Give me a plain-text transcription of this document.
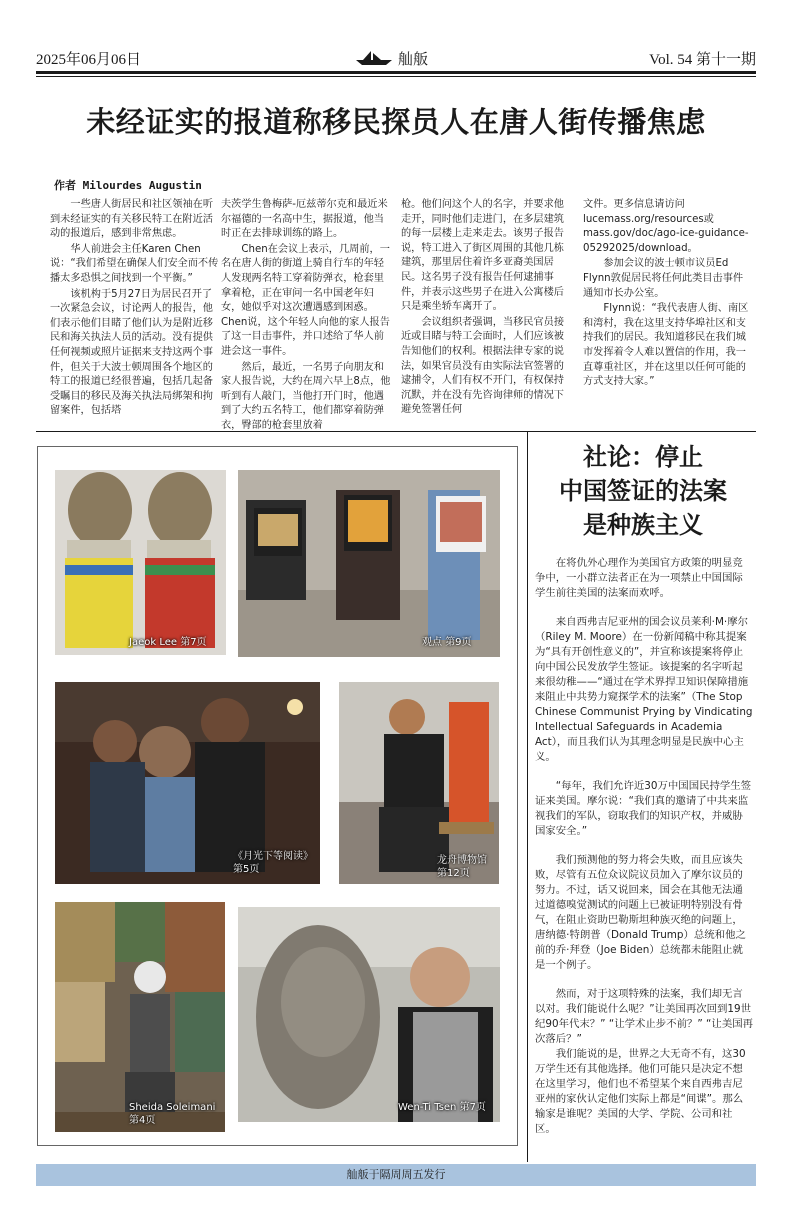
2025年06月06日	舢舨	Vol. 54 第十一期
未经证实的报道称移民探员人在唐人街传播焦虑
作者 Milourdes Augustin

一些唐人街居民和社区领袖在听到未经证实的有关移民特工在附近活动的报道后，感到非常焦虑。

华人前进会主任Karen Chen说：“我们希望在确保人们安全而不传播太多恐惧之间找到一个平衡。”

该机构于5月27日为居民召开了一次紧急会议，讨论两人的报告，他们表示他们目睹了他们认为是附近移民和海关执法人员的活动。没有提供任何视频或照片证据来支持这两个事件，但关于大波士顿周围各个地区的特工的报道已经很普遍，包括几起备受瞩目的移民及海关执法局绑架和拘留案件，包括塔

夫茨学生鲁梅萨-厄兹蒂尔克和最近米尔福德的一名高中生，据报道，他当时正在去排球训练的路上。

Chen在会议上表示，几周前，一名在唐人街的街道上骑自行车的年轻人发现两名特工穿着防弹衣，枪套里拿着枪，正在审问一名中国老年妇女，她似乎对这次遭遇感到困惑。Chen说，这个年轻人向他的家人报告了这一目击事件，并口述给了华人前进会这一事件。

然后，最近，一名男子向朋友和家人报告说，大约在周六早上8点，他听到有人敲门，当他打开门时，他遇到了大约五名特工，他们都穿着防弹衣，臀部的枪套里放着

枪。他们问这个人的名字，并要求他走开，同时他们走进门，在多层建筑的每一层楼上走来走去。该男子报告说，特工进入了街区周围的其他几栋建筑，那里居住着许多亚裔美国居民。这名男子没有报告任何逮捕事件，并表示这些男子在进入公寓楼后只是乘坐轿车离开了。

会议组织者强调，当移民官员接近或目睹与特工会面时，人们应该被告知他们的权利。根据法律专家的说法，如果官员没有由实际法官签署的逮捕令，人们有权不开门，有权保持沉默，并在没有先咨询律师的情况下避免签署任何

文件。更多信息请访问lucemass.org/resources或mass.gov/doc/ago-ice-guidance-05292025/download。

参加会议的波士顿市议员Ed Flynn敦促居民将任何此类目击事件通知市长办公室。

Flynn说：“我代表唐人街、南区和湾村，我在这里支持华埠社区和支持我们的居民。我知道移民在我们城市发挥着令人难以置信的作用，我一直尊重社区，并在这里以任何可能的方式支持大家。”

Jaeok Lee 第7页	观点 第9页
《月光下等阅读》
第5页
龙舟博物馆
第12页
Sheida Soleimani
第4页
Wen-Ti Tsen 第7页
社论：停止
中国签证的法案
是种族主义

在将仇外心理作为美国官方政策的明显竞争中，一小群立法者正在为一项禁止中国国际学生前往美国的法案而欢呼。

来自西弗吉尼亚州的国会议员莱利·M·摩尔（Riley M. Moore）在一份新闻稿中称其提案为“具有开创性意义的”，并宣称该提案将停止向中国公民发放学生签证。该提案的名字听起来很幼稚——“通过在学术界捍卫知识保障措施来阻止中共势力窥探学术的法案”（The Stop Chinese Communist Prying by Vindicating Intellectual Safeguards in Academia Act），而且我们认为其理念明显是民族中心主义。

“每年，我们允许近30万中国国民持学生签证来美国。摩尔说：“我们真的邀请了中共来监视我们的军队，窃取我们的知识产权，并威胁国家安全。”

我们预测他的努力将会失败，而且应该失败，尽管有五位众议院议员加入了摩尔议员的努力。不过，话又说回来，国会在其他无法通过道德嗅觉测试的问题上已被证明特别没有骨气，在阻止资助巴勒斯坦种族灭绝的问题上，唐纳德·特朗普（Donald Trump）总统和他之前的乔·拜登（Joe Biden）总统都未能阻止就是一个例子。

然而，对于这项特殊的法案，我们却无言以对。我们能说什么呢？”让美国再次回到19世纪90年代末？” “让学术止步不前？” “让美国再次落后？”

我们能说的是，世界之大无奇不有，这30万学生还有其他选择。他们可能只是决定不想在这里学习，他们也不希望某个来自西弗吉尼亚州的家伙认定他们实际上都是“间谍”。那么输家是谁呢？美国的大学、学院、公司和社区。

舢舨于隔周周五发行
